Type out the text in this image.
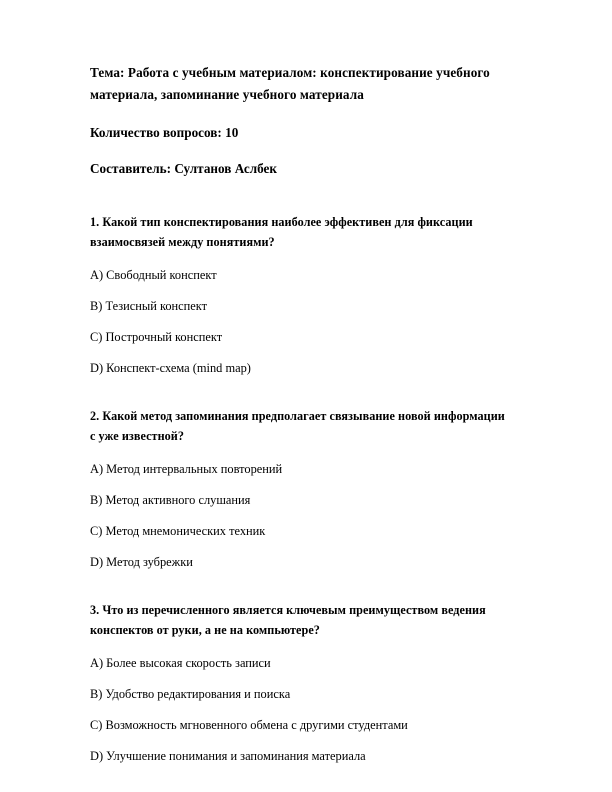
Тема: Работа с учебным материалом: конспектирование учебного материала, запоминание учебного материала
Количество вопросов: 10
Составитель: Султанов Аслбек

1. Какой тип конспектирования наиболее эффективен для фиксации взаимосвязей между понятиями?

A) Свободный конспект
B) Тезисный конспект
C) Построчный конспект
D) Конспект-схема (mind map)

2. Какой метод запоминания предполагает связывание новой информации с уже известной?

A) Метод интервальных повторений
B) Метод активного слушания
C) Метод мнемонических техник
D) Метод зубрежки

3. Что из перечисленного является ключевым преимуществом ведения конспектов от руки, а не на компьютере?

A) Более высокая скорость записи
B) Удобство редактирования и поиска
C) Возможность мгновенного обмена с другими студентами
D) Улучшение понимания и запоминания материала
